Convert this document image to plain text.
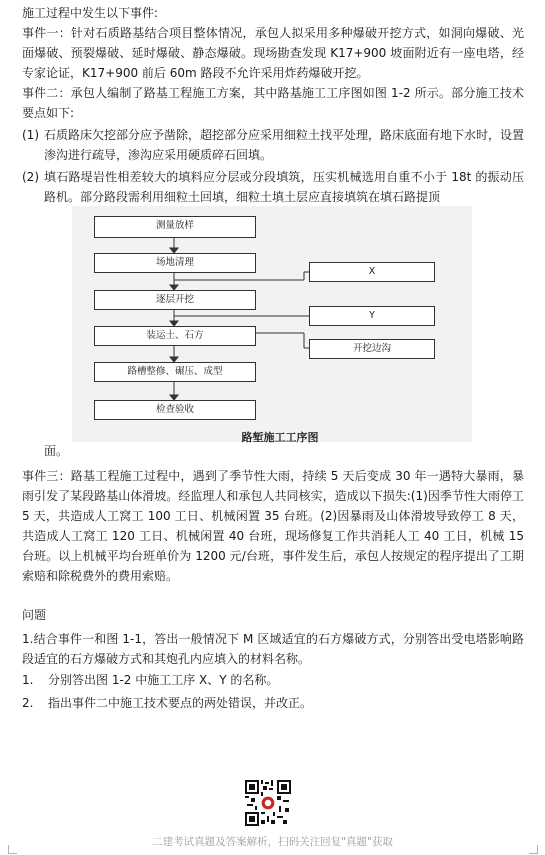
施工过程中发生以下事件:

事件一：针对石质路基结合项目整体情况，承包人拟采用多种爆破开挖方式，如洞向爆破、光面爆破、预裂爆破、延时爆破、静态爆破。现场勘查发现 K17+900 坡面附近有一座电塔，经专家论证，K17+900 前后 60m 路段不允许采用炸药爆破开挖。

事件二：承包人编制了路基工程施工方案，其中路基施工工序图如图 1-2 所示。部分施工技术要点如下:

(1) 石质路床欠挖部分应予凿除，超挖部分应采用细粒土找平处理，路床底面有地下水时，设置渗沟进行疏导，渗沟应采用硬质碎石回填。
(2) 填石路堤岩性相差较大的填料应分层或分段填筑，压实机械选用自重不小于 18t 的振动压路机。部分路段需利用细粒土回填，细粒土填土层应直接填筑在填石路提顶
测量放样
场地清理
逐层开挖
装运土、石方
路槽整修、碾压、成型
检查验收
X
Y
开挖边沟
路堑施工工序图

面。

事件三：路基工程施工过程中，遇到了季节性大雨，持续 5 天后变成 30 年一遇特大暴雨，暴雨引发了某段路基山体滑坡。经监理人和承包人共同核实，造成以下损失:(1)因季节性大雨停工 5 天，共造成人工窝工 100 工日、机械闲置 35 台班。(2)因暴雨及山体滑坡导致停工 8 天，共造成人工窝工 120 工日、机械闲置 40 台班，现场修复工作共消耗人工 40 工日，机械 15 台班。以上机械平均台班单价为 1200 元/台班，事件发生后，承包人按规定的程序提出了工期索赔和除税费外的费用索赔。

问题

1.结合事件一和图 1-1，答出一般情况下 M 区域适宜的石方爆破方式，分别答出受电塔影响路段适宜的石方爆破方式和其炮孔内应填入的材料名称。

1. 分别答出图 1-2 中施工工序 X、Y 的名称。
2. 指出事件二中施工技术要点的两处错误，并改正。
二建考试真题及答案解析，扫码关注回复"真题"获取
